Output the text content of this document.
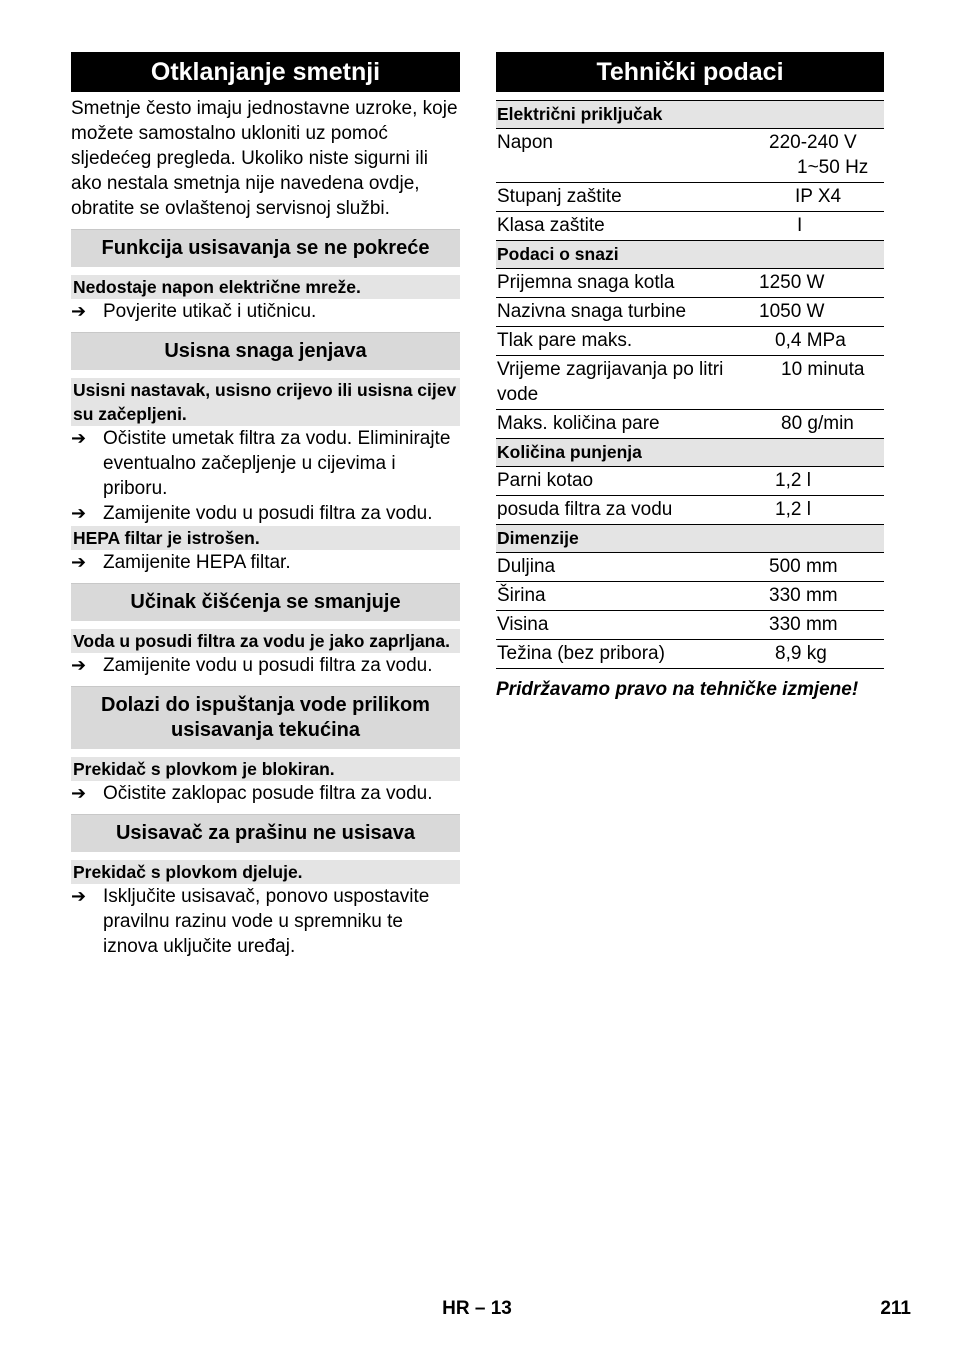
Otklanjanje smetnji
Smetnje često imaju jednostavne uzroke, koje možete samostalno ukloniti uz pomoć sljedećeg pregleda. Ukoliko niste sigurni ili ako nestala smetnja nije navedena ovdje, obratite se ovlaštenoj servisnoj službi.
Funkcija usisavanja se ne pokreće
Nedostaje napon električne mreže.
➔
Povjerite utikač i utičnicu.
Usisna snaga jenjava
Usisni nastavak, usisno crijevo ili usisna cijev su začepljeni.
➔
Očistite umetak filtra za vodu. Eliminirajte eventualno začepljenje u cijevima i priboru.
➔
Zamijenite vodu u posudi filtra za vodu.
HEPA filtar je istrošen.
➔
Zamijenite HEPA filtar.
Učinak čišćenja se smanjuje
Voda u posudi filtra za vodu je jako zaprljana.
➔
Zamijenite vodu u posudi filtra za vodu.
Dolazi do ispuštanja vode prilikom usisavanja tekućina
Prekidač s plovkom je blokiran.
➔
Očistite zaklopac posude filtra za vodu.
Usisavač za prašinu ne usisava
Prekidač s plovkom djeluje.
➔
Isključite usisavač, ponovo uspostavite pravilnu razinu vode u spremniku te iznova uključite uređaj.
Tehnički podaci
Električni priključak	
Napon	220-240 V
1~50 Hz

Stupanj zaštite	IP X4

Klasa zaštite	I

Podaci o snazi	
Prijemna snaga kotla	1250 W

Nazivna snaga turbine	1050 W

Tlak pare maks.	0,4 MPa

Vrijeme zagrijavanja po litri vode	10 minuta

Maks. količina pare	80 g/min

Količina punjenja	
Parni kotao	1,2 l

posuda filtra za vodu	1,2 l

Dimenzije	
Duljina	500 mm

Širina	330 mm

Visina	330 mm

Težina (bez pribora)	8,9 kg
Pridržavamo pravo na tehničke izmjene!
HR – 13	211
